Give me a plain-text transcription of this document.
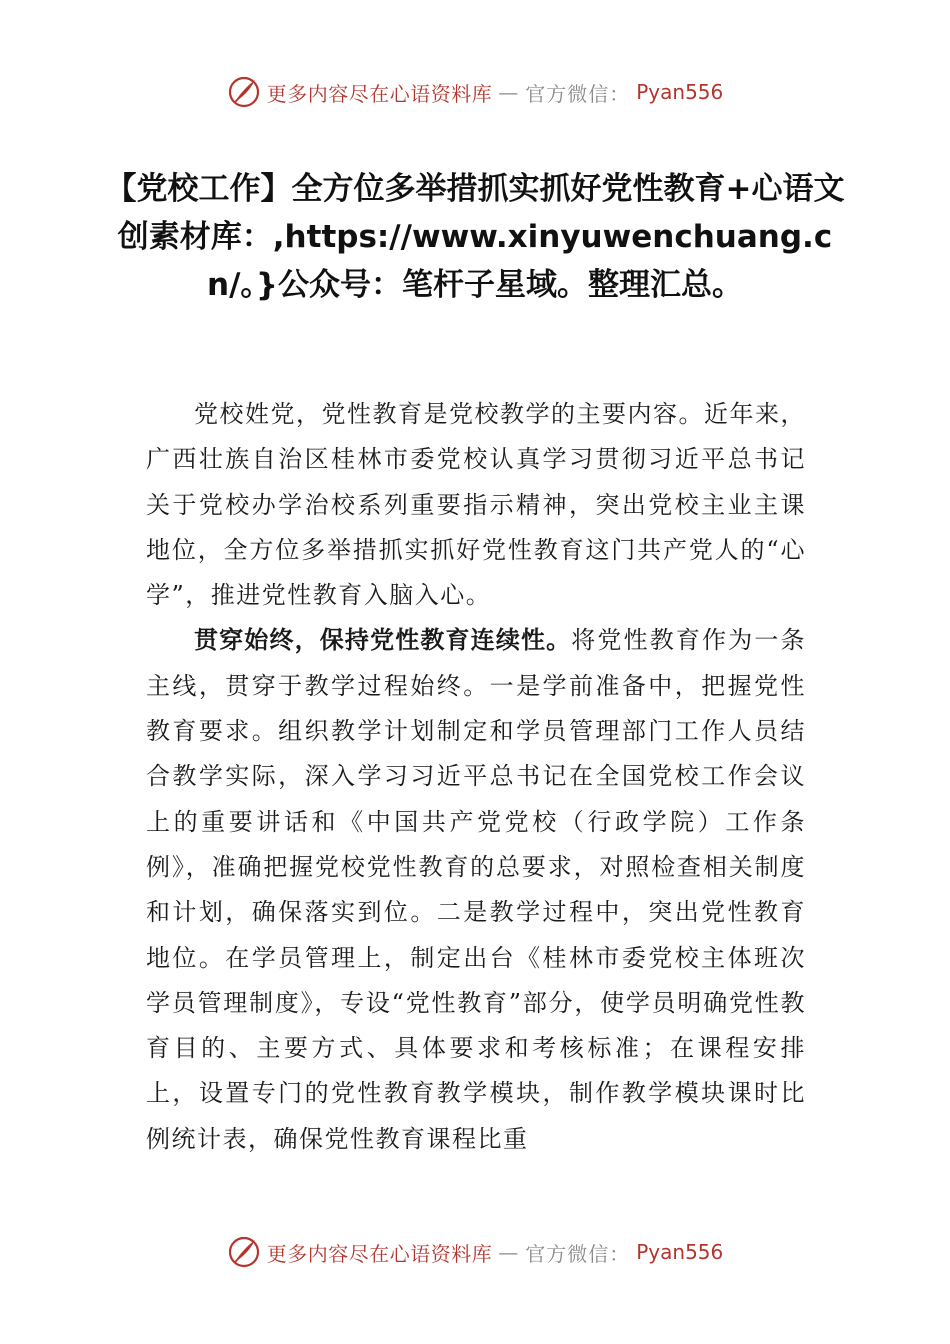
更多内容尽在心语资料库 — 官方微信： Pyan556
【党校工作】全方位多举措抓实抓好党性教育+心语文创素材库：,https://www.xinyuwenchuang.cn/。}公众号：笔杆子星域。整理汇总。

党校姓党，党性教育是党校教学的主要内容。近年来，广西壮族自治区桂林市委党校认真学习贯彻习近平总书记关于党校办学治校系列重要指示精神，突出党校主业主课地位，全方位多举措抓实抓好党性教育这门共产党人的“心学”，推进党性教育入脑入心。

贯穿始终，保持党性教育连续性。将党性教育作为一条主线，贯穿于教学过程始终。一是学前准备中，把握党性教育要求。组织教学计划制定和学员管理部门工作人员结合教学实际，深入学习习近平总书记在全国党校工作会议上的重要讲话和《中国共产党党校（行政学院）工作条例》，准确把握党校党性教育的总要求，对照检查相关制度和计划，确保落实到位。二是教学过程中，突出党性教育地位。在学员管理上，制定出台《桂林市委党校主体班次学员管理制度》，专设“党性教育”部分，使学员明确党性教育目的、主要方式、具体要求和考核标准；在课程安排上，设置专门的党性教育教学模块，制作教学模块课时比例统计表，确保党性教育课程比重

更多内容尽在心语资料库 — 官方微信： Pyan556
